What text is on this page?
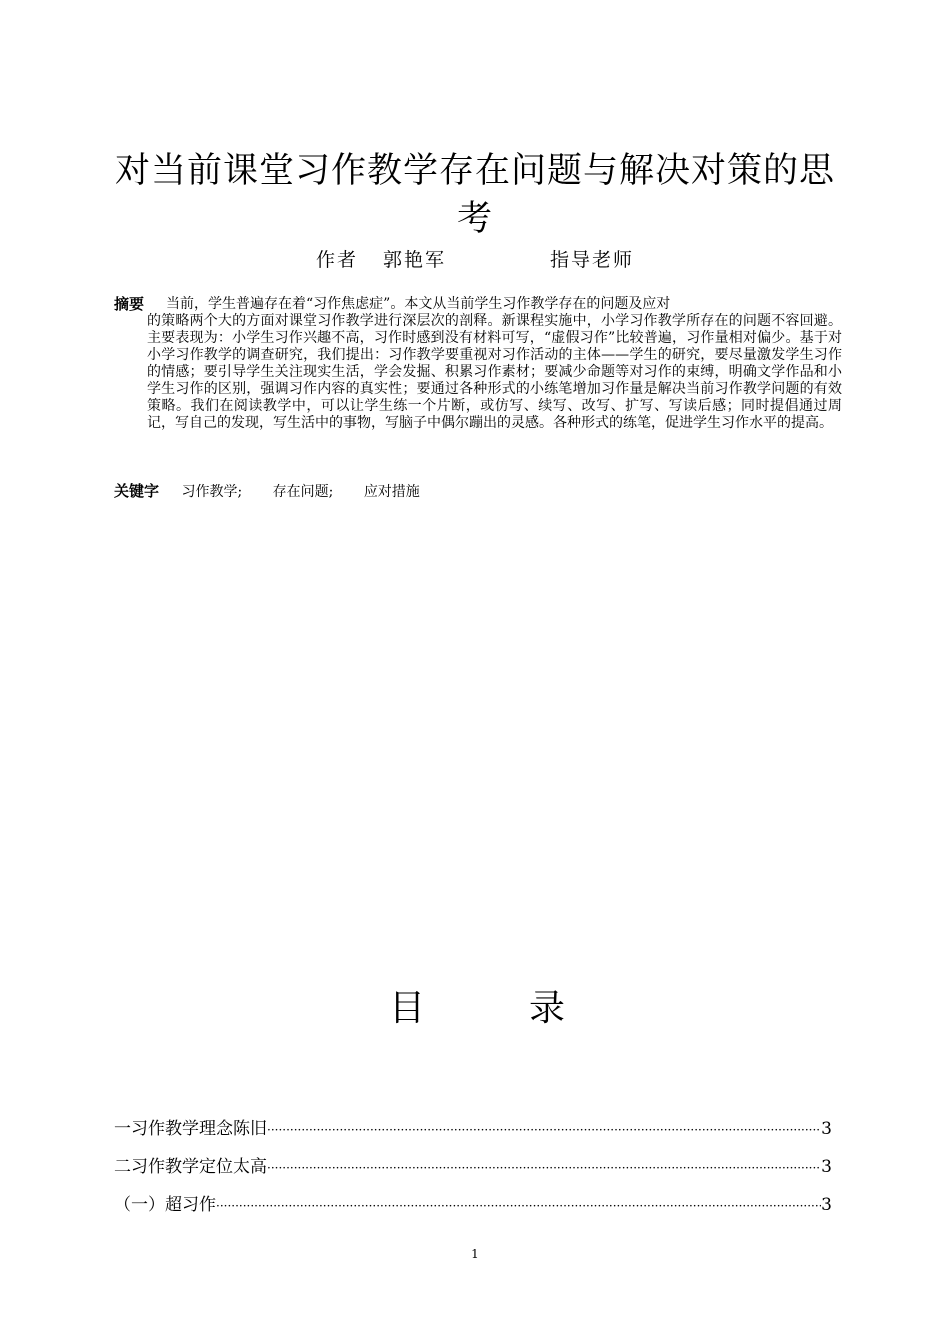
对当前课堂习作教学存在问题与解决对策的思考
作者 郭艳军	指导老师
摘要 当前，学生普遍存在着“习作焦虑症”。本文从当前学生习作教学存在的问题及应对
的策略两个大的方面对课堂习作教学进行深层次的剖释。新课程实施中，小学习作教学所存在的问题不容回避。主要表现为：小学生习作兴趣不高，习作时感到没有材料可写，“虚假习作”比较普遍，习作量相对偏少。基于对小学习作教学的调查研究，我们提出：习作教学要重视对习作活动的主体——学生的研究，要尽量激发学生习作的情感；要引导学生关注现实生活，学会发掘、积累习作素材；要减少命题等对习作的束缚，明确文学作品和小学生习作的区别，强调习作内容的真实性；要通过各种形式的小练笔增加习作量是解决当前习作教学问题的有效策略。我们在阅读教学中，可以让学生练一个片断，或仿写、续写、改写、扩写、写读后感；同时提倡通过周记，写自己的发现，写生活中的事物，写脑子中偶尔蹦出的灵感。各种形式的练笔，促进学生习作水平的提高。
关键字 习作教学; 存在问题; 应对措施
目	录
一习作教学理念陈旧 ·····	3
二习作教学定位太高 ·····	3
（一）超习作 ·····	3
1
